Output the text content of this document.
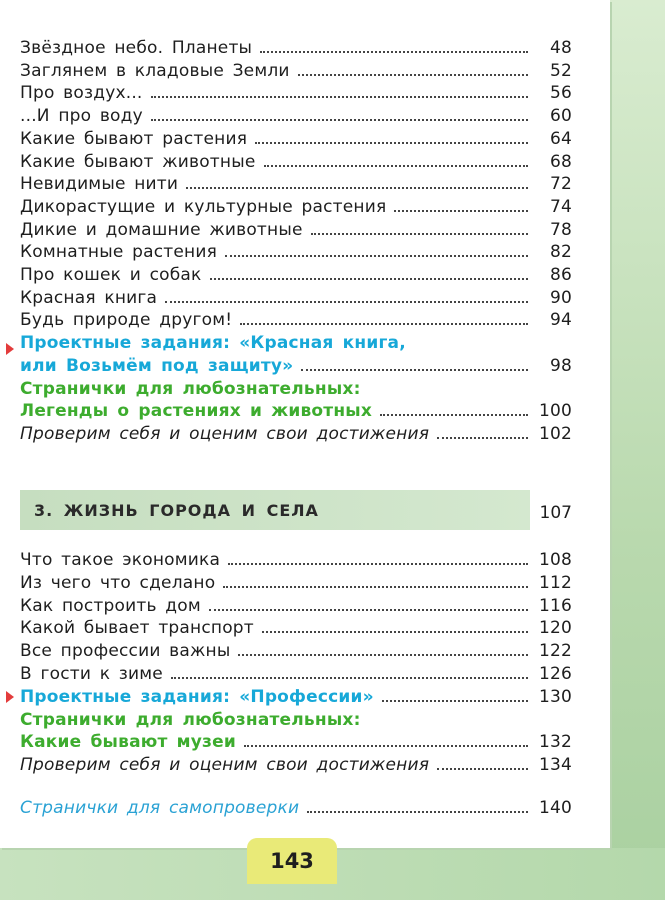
Звёздное небо. Планеты	48
Заглянем в кладовые Земли	52
Про воздух...	56
...И про воду	60
Какие бывают растения	64
Какие бывают животные	68
Невидимые нити	72
Дикорастущие и культурные растения	74
Дикие и домашние животные	78
Комнатные растения	82
Про кошек и собак	86
Красная книга	90
Будь природе другом!	94
Проектные задания: «Красная книга,
или Возьмём под защиту»	98
Странички для любознательных:
Легенды о растениях и животных	100
Проверим себя и оценим свои достижения	102
3. ЖИЗНЬ ГОРОДА И СЕЛА	107
Что такое экономика	108
Из чего что сделано	112
Как построить дом	116
Какой бывает транспорт	120
Все профессии важны	122
В гости к зиме	126
Проектные задания: «Профессии»	130
Странички для любознательных:
Какие бывают музеи	132
Проверим себя и оценим свои достижения	134
Странички для самопроверки	140
143
